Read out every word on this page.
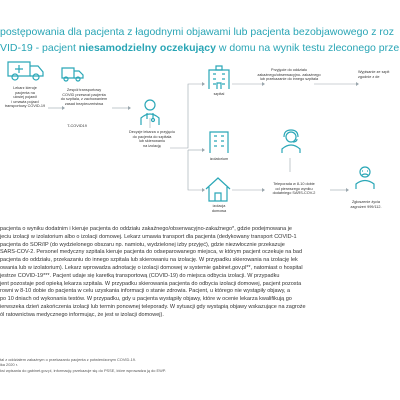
postępowania dla pacjenta z łagodnymi objawami lub pacjenta bezobjawowego z roz
VID-19 - pacjent niesamodzielny oczekujący w domu na wynik testu zleconego prze
Lekarz kieruje
pacjenta na
ukwiej pojawił
i umawia pojazd
transportowy COVID-19
Zespół transportowy
COVID przewozi pacjenta
do szpitala, z zachowaniem
zasad bezpieczeństwa
T-COVID19
Decyzje lekarza o przyjęciu
do pacjenta do szpitala
lub skierowaniu
na izolację
szpital
izolatorium
izolacja
domowa
Przyjęcie do oddziału
zakaźnego/obserwacyjno- zakaźnego
lub przekazanie do innego szpitala
Wypisanie ze szpit
zgodnie z de
Teleporada w 8-10 dobie
od pierwszego wyniku
dodatniego SARS-COV-2
Zgłoszenie życia
zagrożeń 999/112.
pacjenta o wyniku dodatnim i kieruje pacjenta do oddziału zakaźnego/obserwacyjno-zakaźnego*, gdzie podejmowana je
jeciu izolacji w izolatorium albo o izolacji domowej. Lekarz umawia transport dla pacjenta (dedykowany transport COVID-1
pacjenta do SOR/IP (do wydzielonego obszaru np. namiotu, wydzielonej izby przyjęć), gdzie niezwłocznie przekazuje
SARS-COV-2. Personel medyczny szpitala kieruje pacjenta do odseparowanego miejsca, w którym pacjent oczekuje na bad
pacjenta do oddziału, przekazaniu do innego szpitala lub skierowaniu na izolację. W przypadku skierowania na izolację lek
owania lub w izolatorium). Lekarz wprowadza adnotację o izolacji domowej w systemie gabinet.gov.pl**, natomiast o hospital
jestrze COVID-19***. Pacjent udaje się karetką transportową (COVID-19) do miejsca odbycia izolacji. W przypadku
jent pozostaje pod opieką lekarza szpitala. W przypadku skierowania pacjenta do odbycia izolacji domowej, pacjent pozosta
rowni w 8-10 dobie do pacjenta w celu uzyskania informacji o stanie zdrowia. Pacjent, u którego nie wystąpiły objawy, a
po 10 dniach od wykonania testów. W przypadku, gdy u pacjenta wystąpiły objawy, które w ocenie lekarza kwalifikują go
ierwszeka dzień zakończenia izolacji lub termin ponownej teleporady. W sytuacji gdy wystąpią objawy wskazujące na zagroże
ól ratownictwa medycznego informując, że jest w izolacji domowej).
tal z oddziałem zakaźnym o przekazaniu pacjenta z potwierdzonym COVID-19.
ika 2020 r.
ksi wpisania do gabinet.gov.pl, informację przekazuje się do PSSE, które wprowadza ją do EWP.
